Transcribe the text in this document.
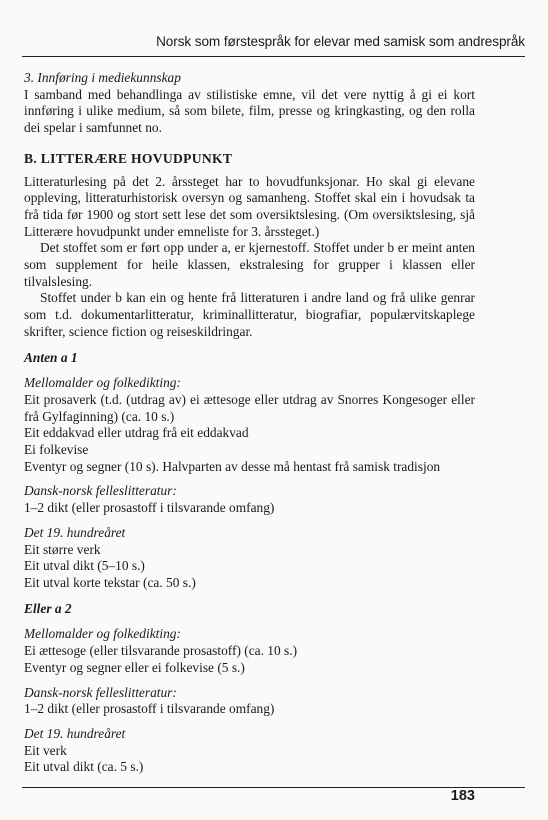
Norsk som førstespråk for elevar med samisk som andrespråk

3. Innføring i mediekunnskap

I samband med behandlinga av stilistiske emne, vil det vere nyttig å gi ei kort innføring i ulike medium, så som bilete, film, presse og kringkasting, og den rolla dei spelar i samfunnet no.

B. LITTERÆRE HOVUDPUNKT

Litteraturlesing på det 2. årssteget har to hovudfunksjonar. Ho skal gi elevane oppleving, litteraturhistorisk oversyn og samanheng. Stoffet skal ein i hovudsak ta frå tida før 1900 og stort sett lese det som oversiktslesing. (Om oversiktslesing, sjå Litterære hovudpunkt under emneliste for 3. årssteget.)

Det stoffet som er ført opp under a, er kjernestoff. Stoffet under b er meint anten som supplement for heile klassen, ekstralesing for grupper i klassen eller tilvalslesing.

Stoffet under b kan ein og hente frå litteraturen i andre land og frå ulike genrar som t.d. dokumentarlitteratur, kriminallitteratur, biografiar, populærvitskaplege skrifter, science fiction og reiseskildringar.

Anten a 1

Mellomalder og folkedikting:

Eit prosaverk (t.d. (utdrag av) ei ættesoge eller utdrag av Snorres Kongesoger eller frå Gylfaginning) (ca. 10 s.)

Eit eddakvad eller utdrag frå eit eddakvad

Ei folkevise

Eventyr og segner (10 s). Halvparten av desse må hentast frå samisk tradisjon

Dansk-norsk felleslitteratur:

1–2 dikt (eller prosastoff i tilsvarande omfang)

Det 19. hundreåret

Eit større verk

Eit utval dikt (5–10 s.)

Eit utval korte tekstar (ca. 50 s.)

Eller a 2

Mellomalder og folkedikting:

Ei ættesoge (eller tilsvarande prosastoff) (ca. 10 s.)

Eventyr og segner eller ei folkevise (5 s.)

Dansk-norsk felleslitteratur:

1–2 dikt (eller prosastoff i tilsvarande omfang)

Det 19. hundreåret

Eit verk

Eit utval dikt (ca. 5 s.)

183
